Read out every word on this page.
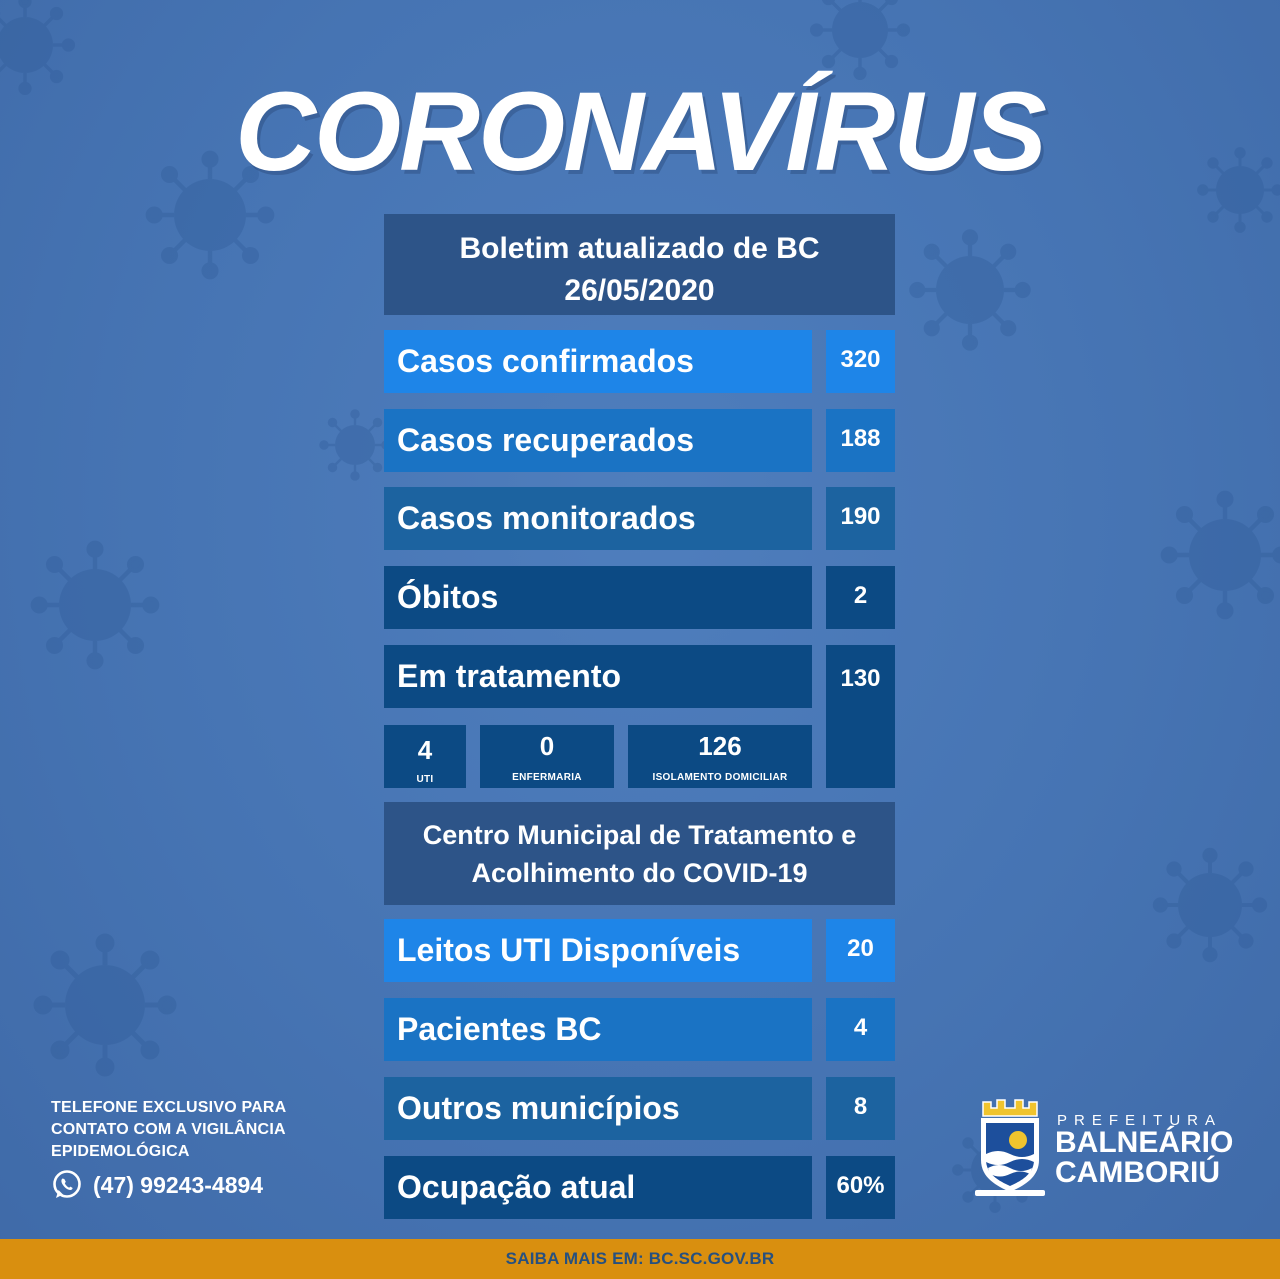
CORONAVÍRUS
Boletim atualizado de BC
26/05/2020
Casos confirmados	320
Casos recuperados	188
Casos monitorados	190
Óbitos	2
Em tratamento	130
4
UTI
0
ENFERMARIA
126
ISOLAMENTO DOMICILIAR
Centro Municipal de Tratamento e
Acolhimento do COVID-19
Leitos UTI Disponíveis	20
Pacientes BC	4
Outros municípios	8
Ocupação atual	60%
TELEFONE EXCLUSIVO PARA
CONTATO COM A VIGILÂNCIA
EPIDEMOLÓGICA
(47) 99243-4894
PREFEITURA
BALNEÁRIO
CAMBORIÚ
SAIBA MAIS EM: BC.SC.GOV.BR
